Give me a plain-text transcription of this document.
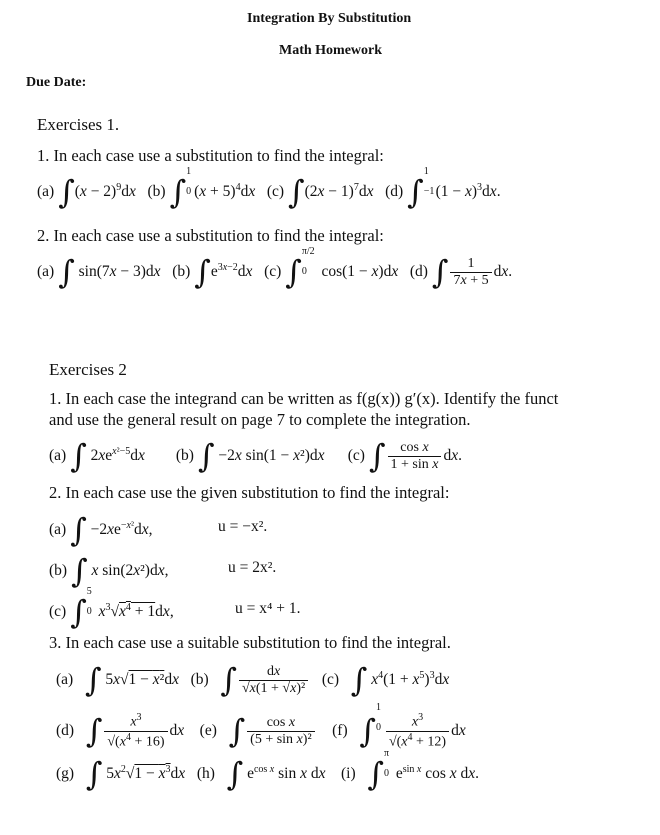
Integration By Substitution
Math Homework
Due Date:
Exercises 1.
1. In each case use a substitution to find the integral:
(a) $\int(x - 2)^9dx$   (b) ∫
1
0 $(x + 5)^4dx$   (c) $\int(2x - 1)^7dx$   (d) ∫
1
−1
$(1 - x)^3dx$.
2. In each case use a substitution to find the integral:
(a) ∫ sin(7x − 3)dx   (b) $\int e^{3x-2}dx$   (c) ∫
π/2
0 cos(1 − x)dx   (d) ∫ $\frac{1}{7x + 5}$ dx.
Exercises 2
1. In each case the integrand can be written as f(g(x)) g′(x). Identify the funct
and use the general result on page 7 to complete the integration.
(a) ∫ $2xe^{x^2-5}dx$        (b) ∫ −2x sin(1 − x²)dx      (c) ∫ $\frac{\text{cos x}}{\text{1 + sin x}}$ dx.
2. In each case use the given substitution to find the integral:
(a) ∫ $-2xe^{-x^2}dx$,	u = −x².
(b) ∫ x sin(2x²)dx,	u = 2x².
(c) ∫
5
0 $x^3√x^4 + 1dx$,	u = x⁴ + 1.
3. In each case use a suitable substitution to find the integral.
(a)   ∫ 5x√1 − x²dx   (b)   ∫ $\frac{dx}{\text{√x(1 + √x)²}} (c)$   ∫ $x^4(1 + x^5)^3dx$
(d)   ∫ $\frac{x^3}{√(x^4 + 16)}$ dx    (e)   ∫ $\frac{\text{cos x}}{\text{(5 + sin x)²}} (f)$   ∫
1
$0 \frac{x^3}{√(x^4 + 12)}$ dx
(g)   ∫ $5x^2√1 - x^3dx$   (h)   ∫ $e^{cos x}$ sin x dx    (i)   ∫
π
0 $e^{sin x}$ cos x dx.
